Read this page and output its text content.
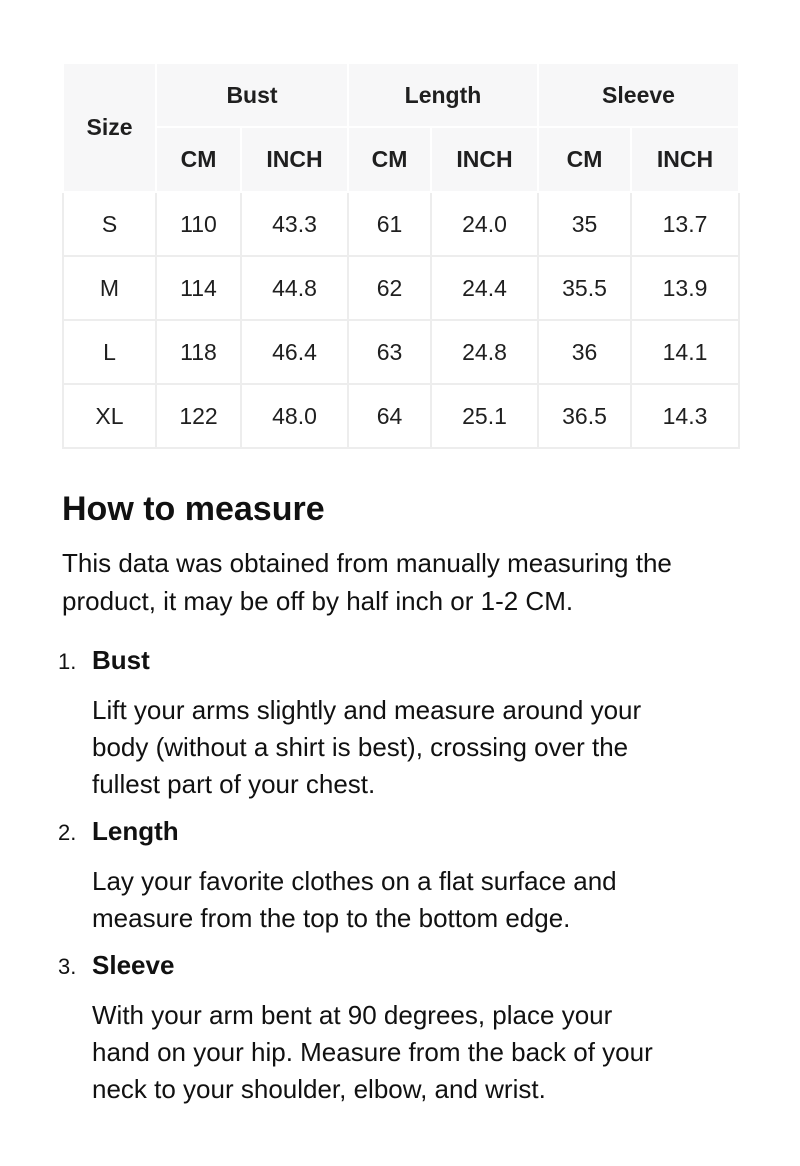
Size	Bust		Length		Sleeve	
	CM	INCH	CM	INCH	CM	INCH
S	110	43.3	61	24.0	35	13.7
M	114	44.8	62	24.4	35.5	13.9
L	118	46.4	63	24.8	36	14.1
XL	122	48.0	64	25.1	36.5	14.3
How to measure

This data was obtained from manually measuring the product, it may be off by half inch or 1-2 CM.

1. Bust

Lift your arms slightly and measure around your body (without a shirt is best), crossing over the fullest part of your chest.

2. Length

Lay your favorite clothes on a flat surface and measure from the top to the bottom edge.

3. Sleeve

With your arm bent at 90 degrees, place your hand on your hip. Measure from the back of your neck to your shoulder, elbow, and wrist.
